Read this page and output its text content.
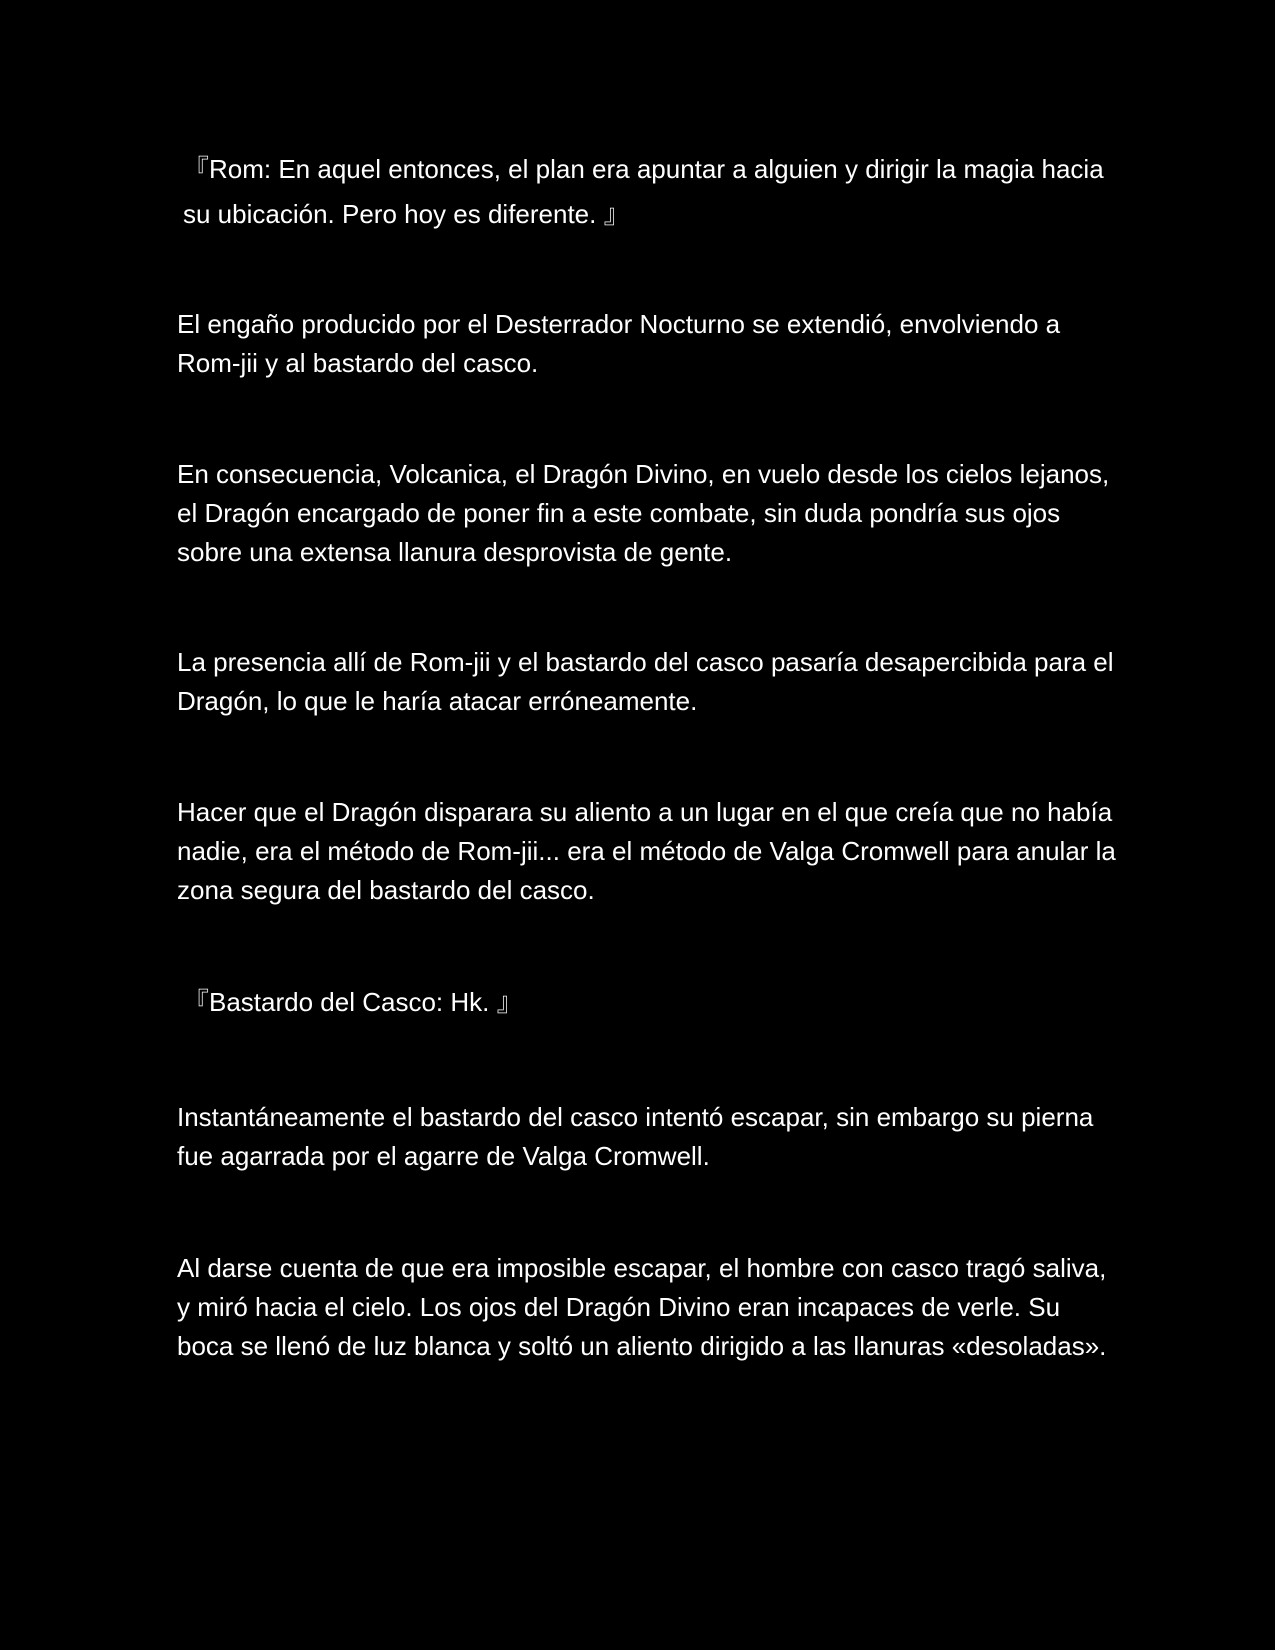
『Rom: En aquel entonces, el plan era apuntar a alguien y dirigir la magia hacia su ubicación. Pero hoy es diferente. 』

El engaño producido por el Desterrador Nocturno se extendió, envolviendo a Rom-jii y al bastardo del casco.

En consecuencia, Volcanica, el Dragón Divino, en vuelo desde los cielos lejanos, el Dragón encargado de poner fin a este combate, sin duda pondría sus ojos sobre una extensa llanura desprovista de gente.

La presencia allí de Rom-jii y el bastardo del casco pasaría desapercibida para el Dragón, lo que le haría atacar erróneamente.

Hacer que el Dragón disparara su aliento a un lugar en el que creía que no había nadie, era el método de Rom-jii... era el método de Valga Cromwell para anular la zona segura del bastardo del casco.

『Bastardo del Casco: Hk. 』

Instantáneamente el bastardo del casco intentó escapar, sin embargo su pierna fue agarrada por el agarre de Valga Cromwell.

Al darse cuenta de que era imposible escapar, el hombre con casco tragó saliva, y miró hacia el cielo. Los ojos del Dragón Divino eran incapaces de verle. Su boca se llenó de luz blanca y soltó un aliento dirigido a las llanuras «desoladas».
